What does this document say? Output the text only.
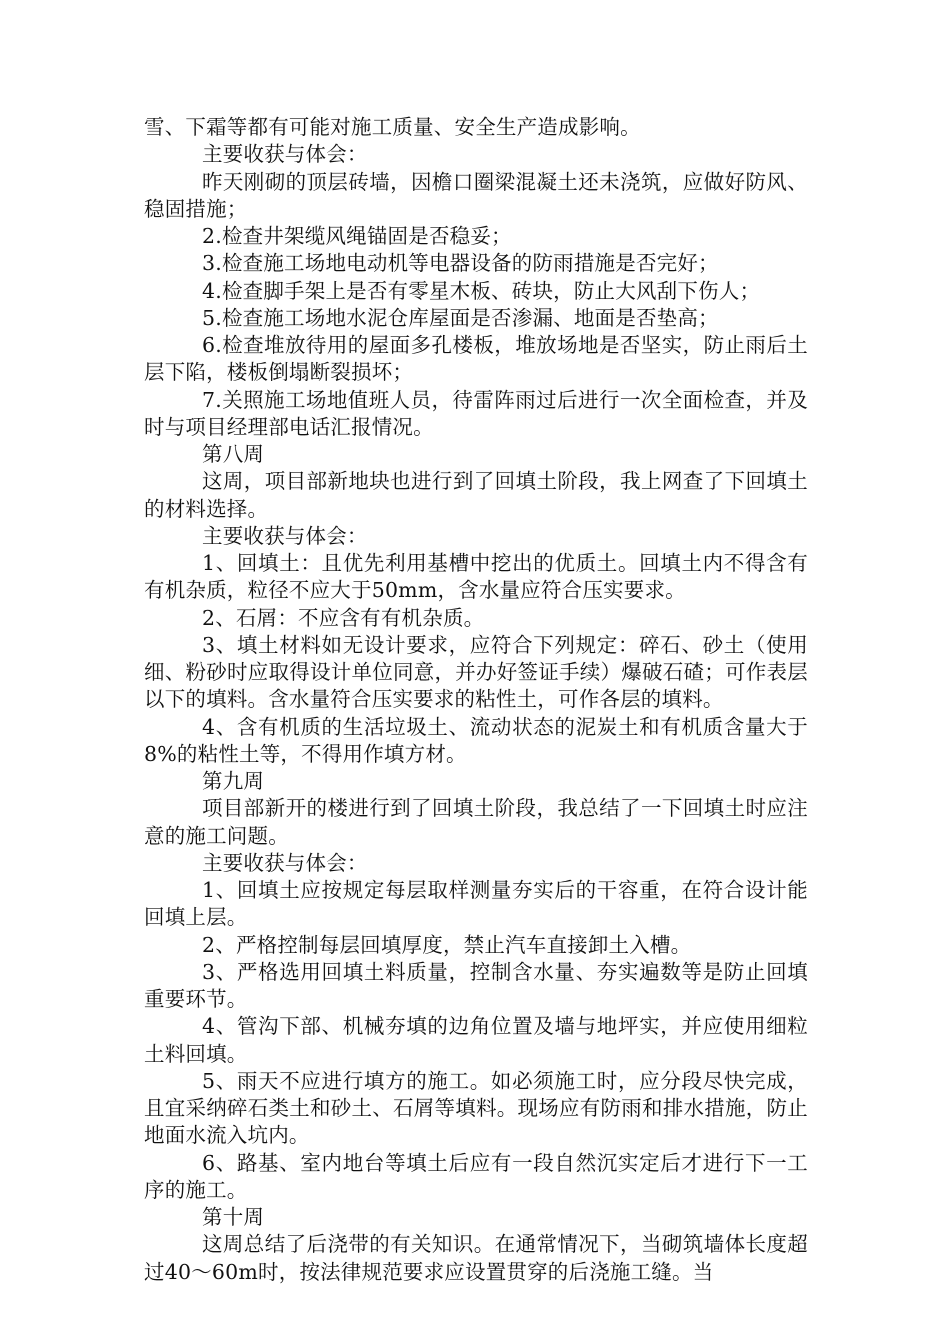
雪、下霜等都有可能对施工质量、安全生产造成影响。

主要收获与体会：

昨天刚砌的顶层砖墙，因檐口圈梁混凝土还未浇筑，应做好防风、稳固措施；

2.检查井架缆风绳锚固是否稳妥；

3.检查施工场地电动机等电器设备的防雨措施是否完好；

4.检查脚手架上是否有零星木板、砖块，防止大风刮下伤人；

5.检查施工场地水泥仓库屋面是否渗漏、地面是否垫高；

6.检查堆放待用的屋面多孔楼板，堆放场地是否坚实，防止雨后土层下陷，楼板倒塌断裂损坏；

7.关照施工场地值班人员，待雷阵雨过后进行一次全面检查，并及时与项目经理部电话汇报情况。

第八周

这周，项目部新地块也进行到了回填土阶段，我上网查了下回填土的材料选择。

主要收获与体会：

1、回填土：且优先利用基槽中挖出的优质土。回填土内不得含有有机杂质，粒径不应大于50mm，含水量应符合压实要求。

2、石屑：不应含有有机杂质。

3、填土材料如无设计要求，应符合下列规定：碎石、砂土（使用细、粉砂时应取得设计单位同意，并办好签证手续）爆破石碴；可作表层以下的填料。含水量符合压实要求的粘性土，可作各层的填料。

4、含有机质的生活垃圾土、流动状态的泥炭土和有机质含量大于8%的粘性土等，不得用作填方材。

第九周

项目部新开的楼进行到了回填土阶段，我总结了一下回填土时应注意的施工问题。

主要收获与体会：

1、回填土应按规定每层取样测量夯实后的干容重，在符合设计能回填上层。

2、严格控制每层回填厚度，禁止汽车直接卸土入槽。

3、严格选用回填土料质量，控制含水量、夯实遍数等是防止回填重要环节。

4、管沟下部、机械夯填的边角位置及墙与地坪实，并应使用细粒土料回填。

5、雨天不应进行填方的施工。如必须施工时，应分段尽快完成，且宜采纳碎石类土和砂土、石屑等填料。现场应有防雨和排水措施，防止地面水流入坑内。

6、路基、室内地台等填土后应有一段自然沉实定后才进行下一工序的施工。

第十周

这周总结了后浇带的有关知识。在通常情况下，当砌筑墙体长度超过40～60m时，按法律规范要求应设置贯穿的后浇施工缝。当
